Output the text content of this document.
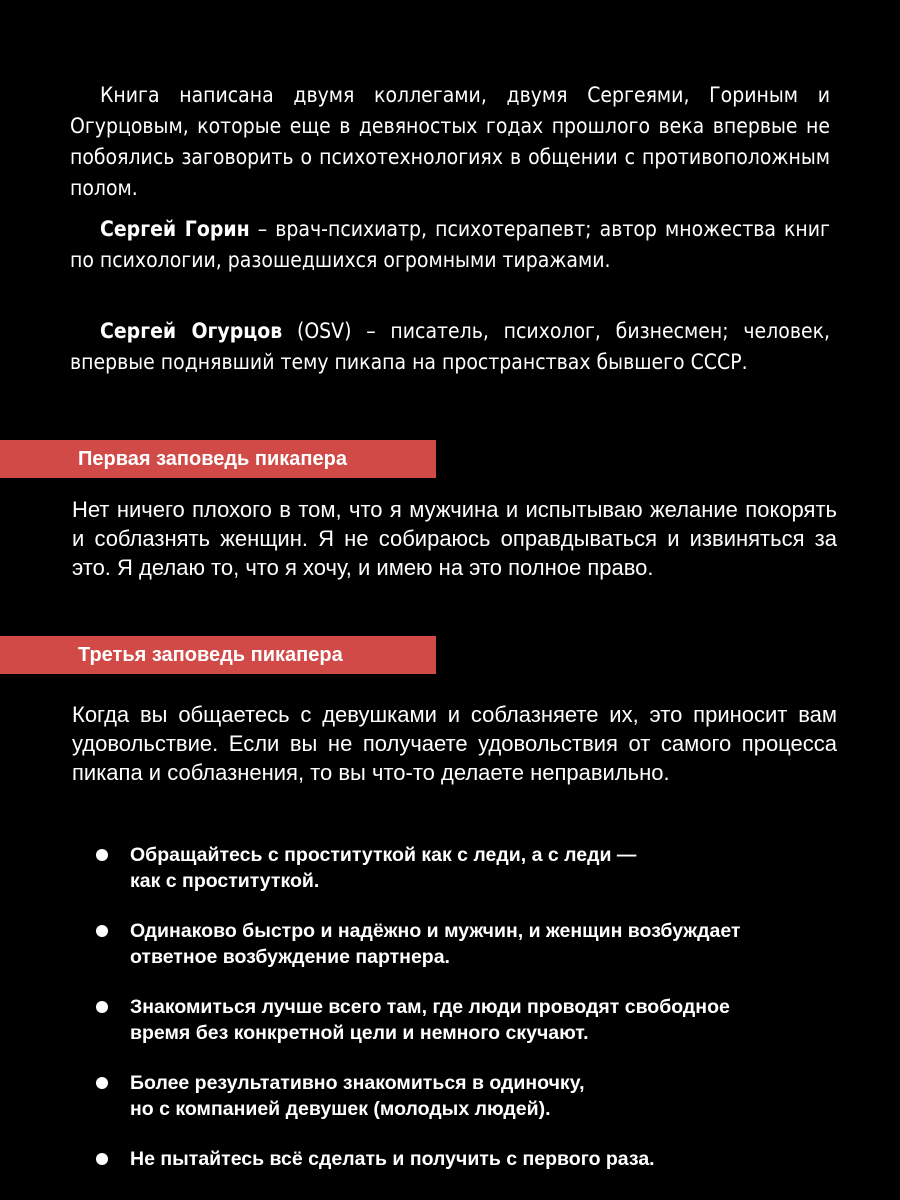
Книга написана двумя коллегами, двумя Сергеями, Гориным и Огурцовым, которые еще в девяностых годах прошлого века впервые не побоялись заговорить о психотехнологиях в общении с противоположным полом.

Сергей Горин – врач-психиатр, психотерапевт; автор множества книг по психологии, разошедшихся огромными тиражами.

Сергей Огурцов (OSV) – писатель, психолог, бизнесмен; человек, впервые поднявший тему пикапа на пространствах бывшего СССР.

Первая заповедь пикапера

Нет ничего плохого в том, что я мужчина и испытываю желание покорять и соблазнять женщин. Я не собираюсь оправдываться и извиняться за это. Я делаю то, что я хочу, и имею на это полное право.

Третья заповедь пикапера

Когда вы общаетесь с девушками и соблазняете их, это приносит вам удовольствие. Если вы не получаете удовольствия от самого процесса пикапа и соблазнения, то вы что-то делаете неправильно.

Обращайтесь с проституткой как с леди, а с леди —
как с проституткой.
Одинаково быстро и надёжно и мужчин, и женщин возбуждает
ответное возбуждение партнера.
Знакомиться лучше всего там, где люди проводят свободное
время без конкретной цели и немного скучают.
Более результативно знакомиться в одиночку,
но с компанией девушек (молодых людей).
Не пытайтесь всё сделать и получить с первого раза.
